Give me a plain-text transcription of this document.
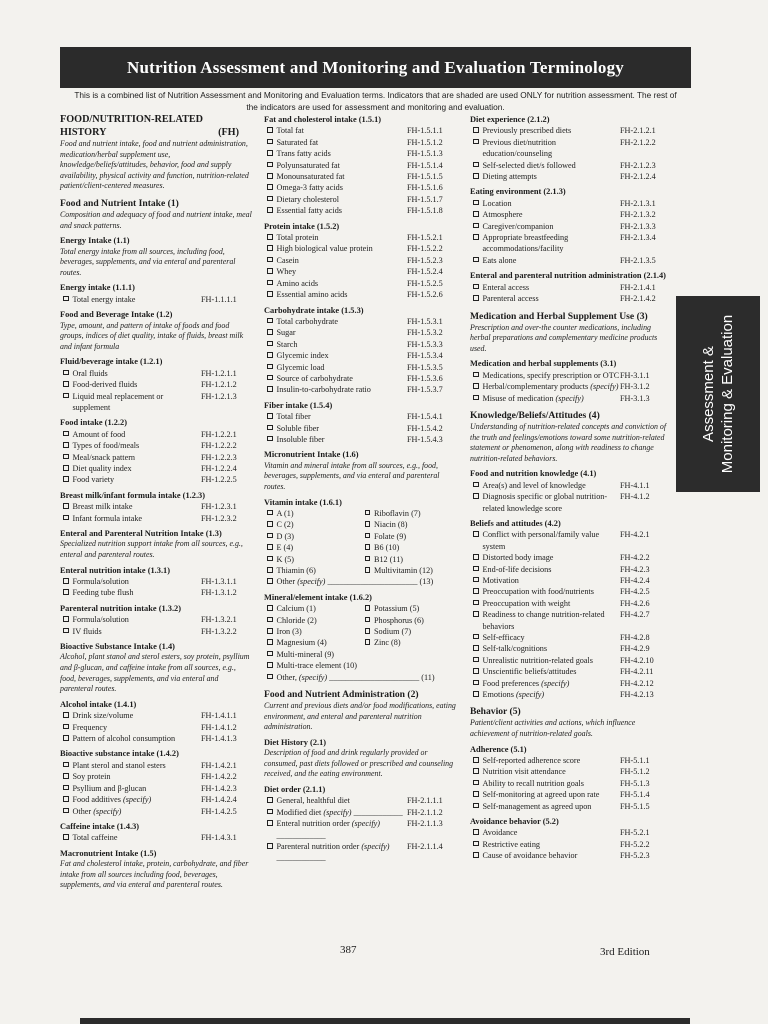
Nutrition Assessment and Monitoring and Evaluation Terminology
This is a combined list of Nutrition Assessment and Monitoring and Evaluation terms. Indicators that are shaded are used ONLY for nutrition assessment. The rest of the indicators are used for assessment and monitoring and evaluation.
FOOD/NUTRITION-RELATED
HISTORY	(FH)
Food and nutrient intake, food and nutrient administration, medication/herbal supplement use, knowledge/beliefs/attitudes, behavior, food and supply availability, physical activity and function, nutrition-related patient/client-centered measures.
Food and Nutrient Intake (1)
Composition and adequacy of food and nutrient intake, meal and snack patterns.
Energy Intake (1.1)
Total energy intake from all sources, including food, beverages, supplements, and via enteral and parenteral routes.
Energy intake (1.1.1)
Total energy intake	FH-1.1.1.1
Food and Beverage Intake (1.2)
Type, amount, and pattern of intake of foods and food groups, indices of diet quality, intake of fluids, breast milk and infant formula
Fluid/beverage intake (1.2.1)
Oral fluids	FH-1.2.1.1
Food-derived fluids	FH-1.2.1.2
Liquid meal replacement or supplement
FH-1.2.1.3
Food intake (1.2.2)
Amount of food	FH-1.2.2.1
Types of food/meals	FH-1.2.2.2
Meal/snack pattern	FH-1.2.2.3
Diet quality index	FH-1.2.2.4
Food variety	FH-1.2.2.5
Breast milk/infant formula intake (1.2.3)
Breast milk intake	FH-1.2.3.1
Infant formula intake	FH-1.2.3.2
Enteral and Parenteral Nutrition Intake (1.3)
Specialized nutrition support intake from all sources, e.g., enteral and parenteral routes.
Enteral nutrition intake (1.3.1)
Formula/solution	FH-1.3.1.1
Feeding tube flush	FH-1.3.1.2
Parenteral nutrition intake (1.3.2)
Formula/solution	FH-1.3.2.1
IV fluids	FH-1.3.2.2
Bioactive Substance Intake (1.4)
Alcohol, plant stanol and sterol esters, soy protein, psyllium and β-glucan, and caffeine intake from all sources, e.g., food, beverages, supplements, and via enteral and parenteral routes.
Alcohol intake (1.4.1)
Drink size/volume	FH-1.4.1.1
Frequency	FH-1.4.1.2
Pattern of alcohol consumption	FH-1.4.1.3
Bioactive substance intake (1.4.2)
Plant sterol and stanol esters	FH-1.4.2.1
Soy protein	FH-1.4.2.2
Psyllium and β-glucan	FH-1.4.2.3
Food additives (specify)	FH-1.4.2.4
Other (specify)	FH-1.4.2.5
Caffeine intake (1.4.3)
Total caffeine	FH-1.4.3.1
Macronutrient Intake (1.5)
Fat and cholesterol intake, protein, carbohydrate, and fiber intake from all sources including food, beverages, supplements, and via enteral and parenteral routes.
Fat and cholesterol intake (1.5.1)
Total fat	FH-1.5.1.1
Saturated fat	FH-1.5.1.2
Trans fatty acids	FH-1.5.1.3
Polyunsaturated fat	FH-1.5.1.4
Monounsaturated fat	FH-1.5.1.5
Omega-3 fatty acids	FH-1.5.1.6
Dietary cholesterol	FH-1.5.1.7
Essential fatty acids	FH-1.5.1.8
Protein intake (1.5.2)
Total protein	FH-1.5.2.1
High biological value protein	FH-1.5.2.2
Casein	FH-1.5.2.3
Whey	FH-1.5.2.4
Amino acids	FH-1.5.2.5
Essential amino acids	FH-1.5.2.6
Carbohydrate intake (1.5.3)
Total carbohydrate	FH-1.5.3.1
Sugar	FH-1.5.3.2
Starch	FH-1.5.3.3
Glycemic index	FH-1.5.3.4
Glycemic load	FH-1.5.3.5
Source of carbohydrate	FH-1.5.3.6
Insulin-to-carbohydrate ratio	FH-1.5.3.7
Fiber intake (1.5.4)
Total fiber	FH-1.5.4.1
Soluble fiber	FH-1.5.4.2
Insoluble fiber	FH-1.5.4.3
Micronutrient Intake (1.6)
Vitamin and mineral intake from all sources, e.g., food, beverages, supplements, and via enteral and parenteral routes.
Vitamin intake (1.6.1)
A (1)	Riboflavin (7)
C (2)	Niacin (8)
D (3)	Folate (9)
E (4)	B6 (10)
K (5)	B12 (11)
Thiamin (6)	Multivitamin (12)
Other (specify) ______________________ (13)
Mineral/element intake (1.6.2)
Calcium (1)	Potassium (5)
Chloride (2)	Phosphorus (6)
Iron (3)	Sodium (7)
Magnesium (4)	Zinc (8)
Multi-mineral (9)
Multi-trace element (10)
Other, (specify) ______________________ (11)
Food and Nutrient Administration (2)
Current and previous diets and/or food modifications, eating environment, and enteral and parenteral nutrition administration.
Diet History (2.1)
Description of food and drink regularly provided or consumed, past diets followed or prescribed and counseling received, and the eating environment.
Diet order (2.1.1)
General, healthful diet	FH-2.1.1.1
Modified diet (specify) ____________ FH-2.1.1.2
Enteral nutrition order (specify) ____________
FH-2.1.1.3
Parenteral nutrition order (specify) ____________
FH-2.1.1.4
Diet experience (2.1.2)
Previously prescribed diets	FH-2.1.2.1
Previous diet/nutrition education/counseling
FH-2.1.2.2
Self-selected diet/s followed	FH-2.1.2.3
Dieting attempts	FH-2.1.2.4
Eating environment (2.1.3)
Location	FH-2.1.3.1
Atmosphere	FH-2.1.3.2
Caregiver/companion	FH-2.1.3.3
Appropriate breastfeeding accommodations/facility
FH-2.1.3.4
Eats alone	FH-2.1.3.5
Enteral and parenteral nutrition administration (2.1.4)
Enteral access	FH-2.1.4.1
Parenteral access	FH-2.1.4.2
Medication and Herbal Supplement Use (3)
Prescription and over-the counter medications, including herbal preparations and complementary medicine products used.
Medication and herbal supplements (3.1)
Medications, specify prescription or OTC FH-3.1.1
Herbal/complementary products (specify) FH-3.1.2
Misuse of medication (specify)	FH-3.1.3
Knowledge/Beliefs/Attitudes (4)
Understanding of nutrition-related concepts and conviction of the truth and feelings/emotions toward some nutrition-related statement or phenomenon, along with readiness to change nutrition-related behaviors.
Food and nutrition knowledge (4.1)
Area(s) and level of knowledge	FH-4.1.1
Diagnosis specific or global nutrition-related knowledge score
FH-4.1.2
Beliefs and attitudes (4.2)
Conflict with personal/family value system
FH-4.2.1
Distorted body image	FH-4.2.2
End-of-life decisions	FH-4.2.3
Motivation	FH-4.2.4
Preoccupation with food/nutrients	FH-4.2.5
Preoccupation with weight	FH-4.2.6
Readiness to change nutrition-related behaviors
FH-4.2.7
Self-efficacy	FH-4.2.8
Self-talk/cognitions	FH-4.2.9
Unrealistic nutrition-related goals	FH-4.2.10
Unscientific beliefs/attitudes	FH-4.2.11
Food preferences (specify)	FH-4.2.12
Emotions (specify)	FH-4.2.13
Behavior (5)
Patient/client activities and actions, which influence achievement of nutrition-related goals.
Adherence (5.1)
Self-reported adherence score	FH-5.1.1
Nutrition visit attendance	FH-5.1.2
Ability to recall nutrition goals	FH-5.1.3
Self-monitoring at agreed upon rate	FH-5.1.4
Self-management as agreed upon	FH-5.1.5
Avoidance behavior (5.2)
Avoidance	FH-5.2.1
Restrictive eating	FH-5.2.2
Cause of avoidance behavior	FH-5.2.3
Assessment & Monitoring & Evaluation
387	3rd Edition
